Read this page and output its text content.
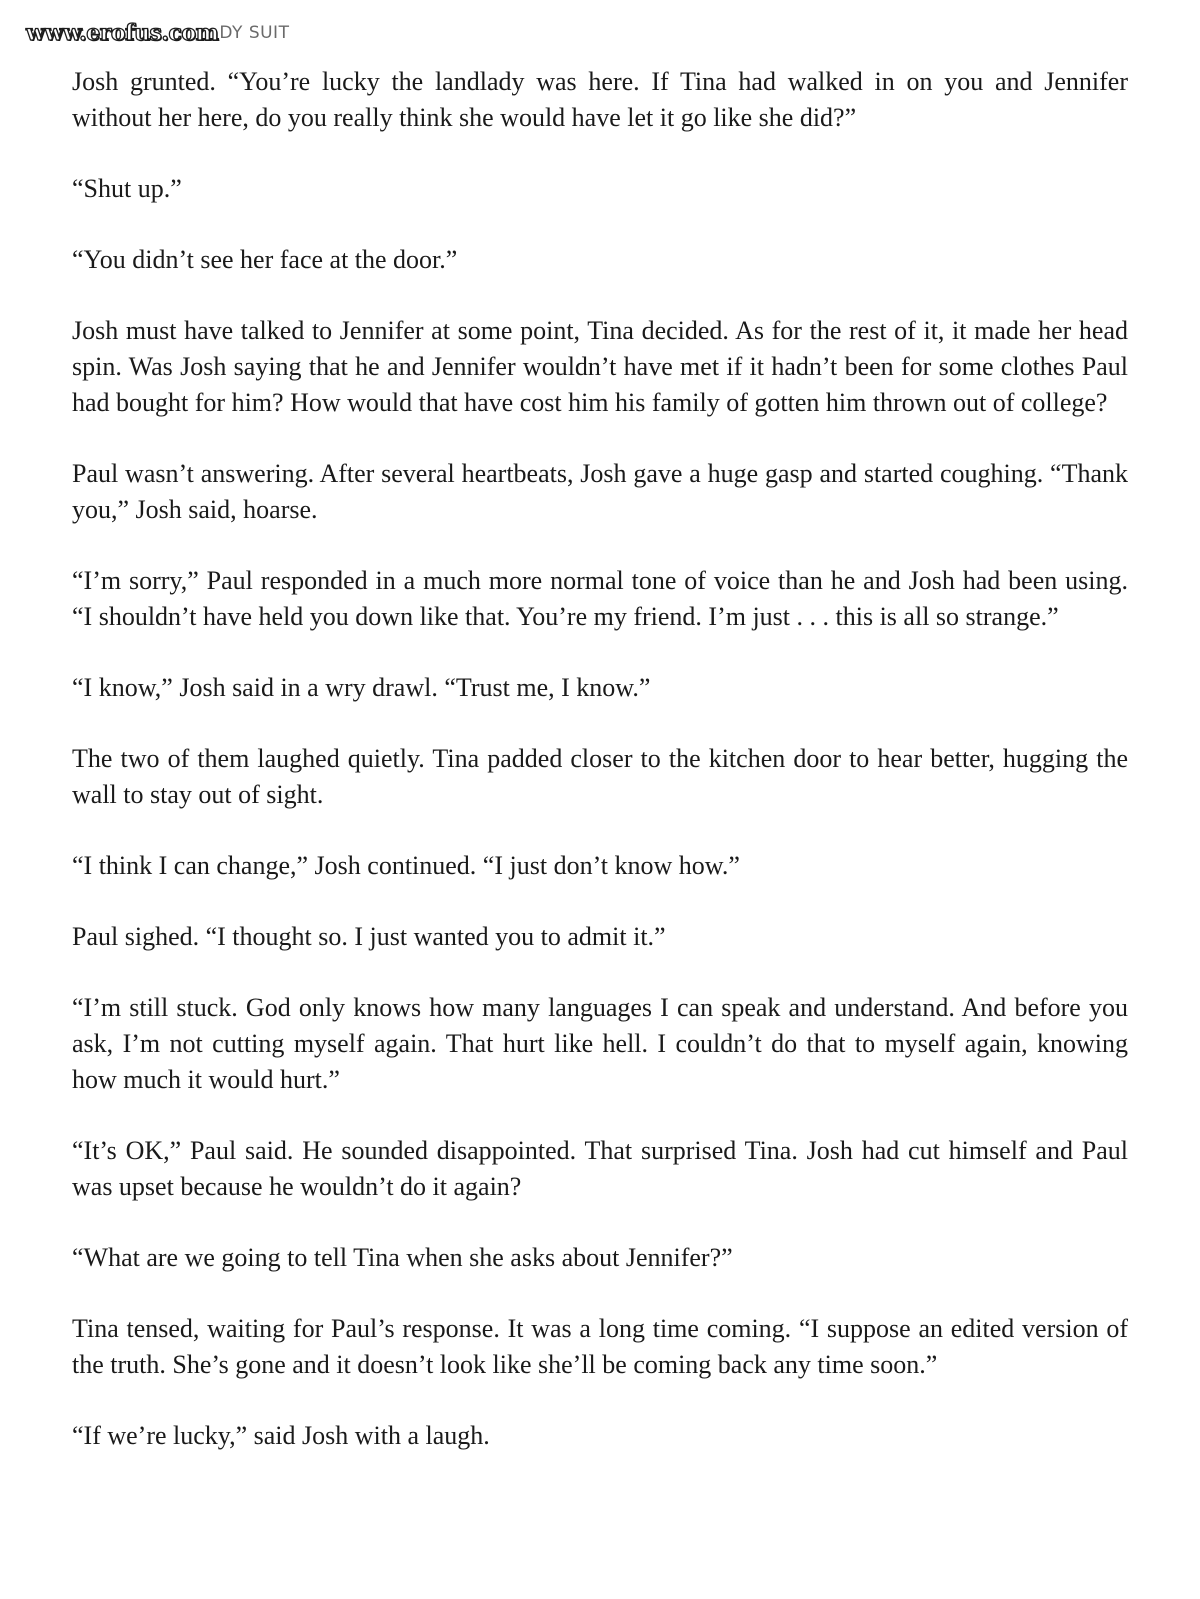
www.erofus.com DY SUIT

Josh grunted. “You’re lucky the landlady was here. If Tina had walked in on you and Jennifer without her here, do you really think she would have let it go like she did?”

“Shut up.”

“You didn’t see her face at the door.”

Josh must have talked to Jennifer at some point, Tina decided. As for the rest of it, it made her head spin. Was Josh saying that he and Jennifer wouldn’t have met if it hadn’t been for some clothes Paul had bought for him? How would that have cost him his family of gotten him thrown out of college?

Paul wasn’t answering. After several heartbeats, Josh gave a huge gasp and started coughing. “Thank you,” Josh said, hoarse.

“I’m sorry,” Paul responded in a much more normal tone of voice than he and Josh had been using. “I shouldn’t have held you down like that. You’re my friend. I’m just . . . this is all so strange.”

“I know,” Josh said in a wry drawl. “Trust me, I know.”

The two of them laughed quietly. Tina padded closer to the kitchen door to hear better, hugging the wall to stay out of sight.

“I think I can change,” Josh continued. “I just don’t know how.”

Paul sighed. “I thought so. I just wanted you to admit it.”

“I’m still stuck. God only knows how many languages I can speak and understand. And before you ask, I’m not cutting myself again. That hurt like hell. I couldn’t do that to myself again, knowing how much it would hurt.”

“It’s OK,” Paul said. He sounded disappointed. That surprised Tina. Josh had cut himself and Paul was upset because he wouldn’t do it again?

“What are we going to tell Tina when she asks about Jennifer?”

Tina tensed, waiting for Paul’s response. It was a long time coming. “I suppose an edited version of the truth. She’s gone and it doesn’t look like she’ll be coming back any time soon.”

“If we’re lucky,” said Josh with a laugh.
